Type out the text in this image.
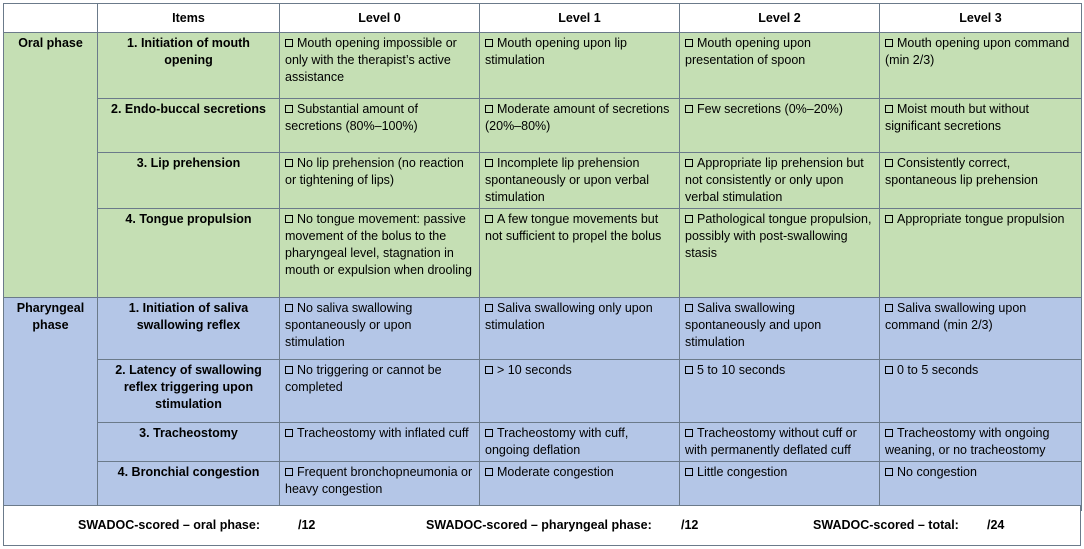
	Items	Level 0	Level 1	Level 2	Level 3
Oral phase	1. Initiation of mouth opening	Mouth opening impossible or only with the therapist’s active assistance	Mouth opening upon lip stimulation	Mouth opening upon presentation of spoon	Mouth opening upon command (min 2/3)
	2. Endo-buccal secretions	Substantial amount of secretions (80%–100%)	Moderate amount of secretions (20%–80%)	Few secretions (0%–20%)	Moist mouth but without significant secretions
	3. Lip prehension	No lip prehension (no reaction or tightening of lips)	Incomplete lip prehension spontaneously or upon verbal stimulation	Appropriate lip prehension but not consistently or only upon verbal stimulation	Consistently correct, spontaneous lip prehension
	4. Tongue propulsion	No tongue movement: passive movement of the bolus to the pharyngeal level, stagnation in mouth or expulsion when drooling	A few tongue movements but not sufficient to propel the bolus	Pathological tongue propulsion, possibly with post-swallowing stasis	Appropriate tongue propulsion
Pharyngeal phase	1. Initiation of saliva swallowing reflex	No saliva swallowing spontaneously or upon stimulation	Saliva swallowing only upon stimulation	Saliva swallowing spontaneously and upon stimulation	Saliva swallowing upon command (min 2/3)
	2. Latency of swallowing reflex triggering upon stimulation	No triggering or cannot be completed	> 10 seconds	5 to 10 seconds	0 to 5 seconds
	3. Tracheostomy	Tracheostomy with inflated cuff	Tracheostomy with cuff, ongoing deflation	Tracheostomy without cuff or with permanently deflated cuff	Tracheostomy with ongoing weaning, or no tracheostomy
	4. Bronchial congestion	Frequent bronchopneumonia or heavy congestion	Moderate congestion	Little congestion	No congestion
SWADOC-scored – oral phase:	/12	SWADOC-scored – pharyngeal phase: /12	SWADOC-scored – total: /24
